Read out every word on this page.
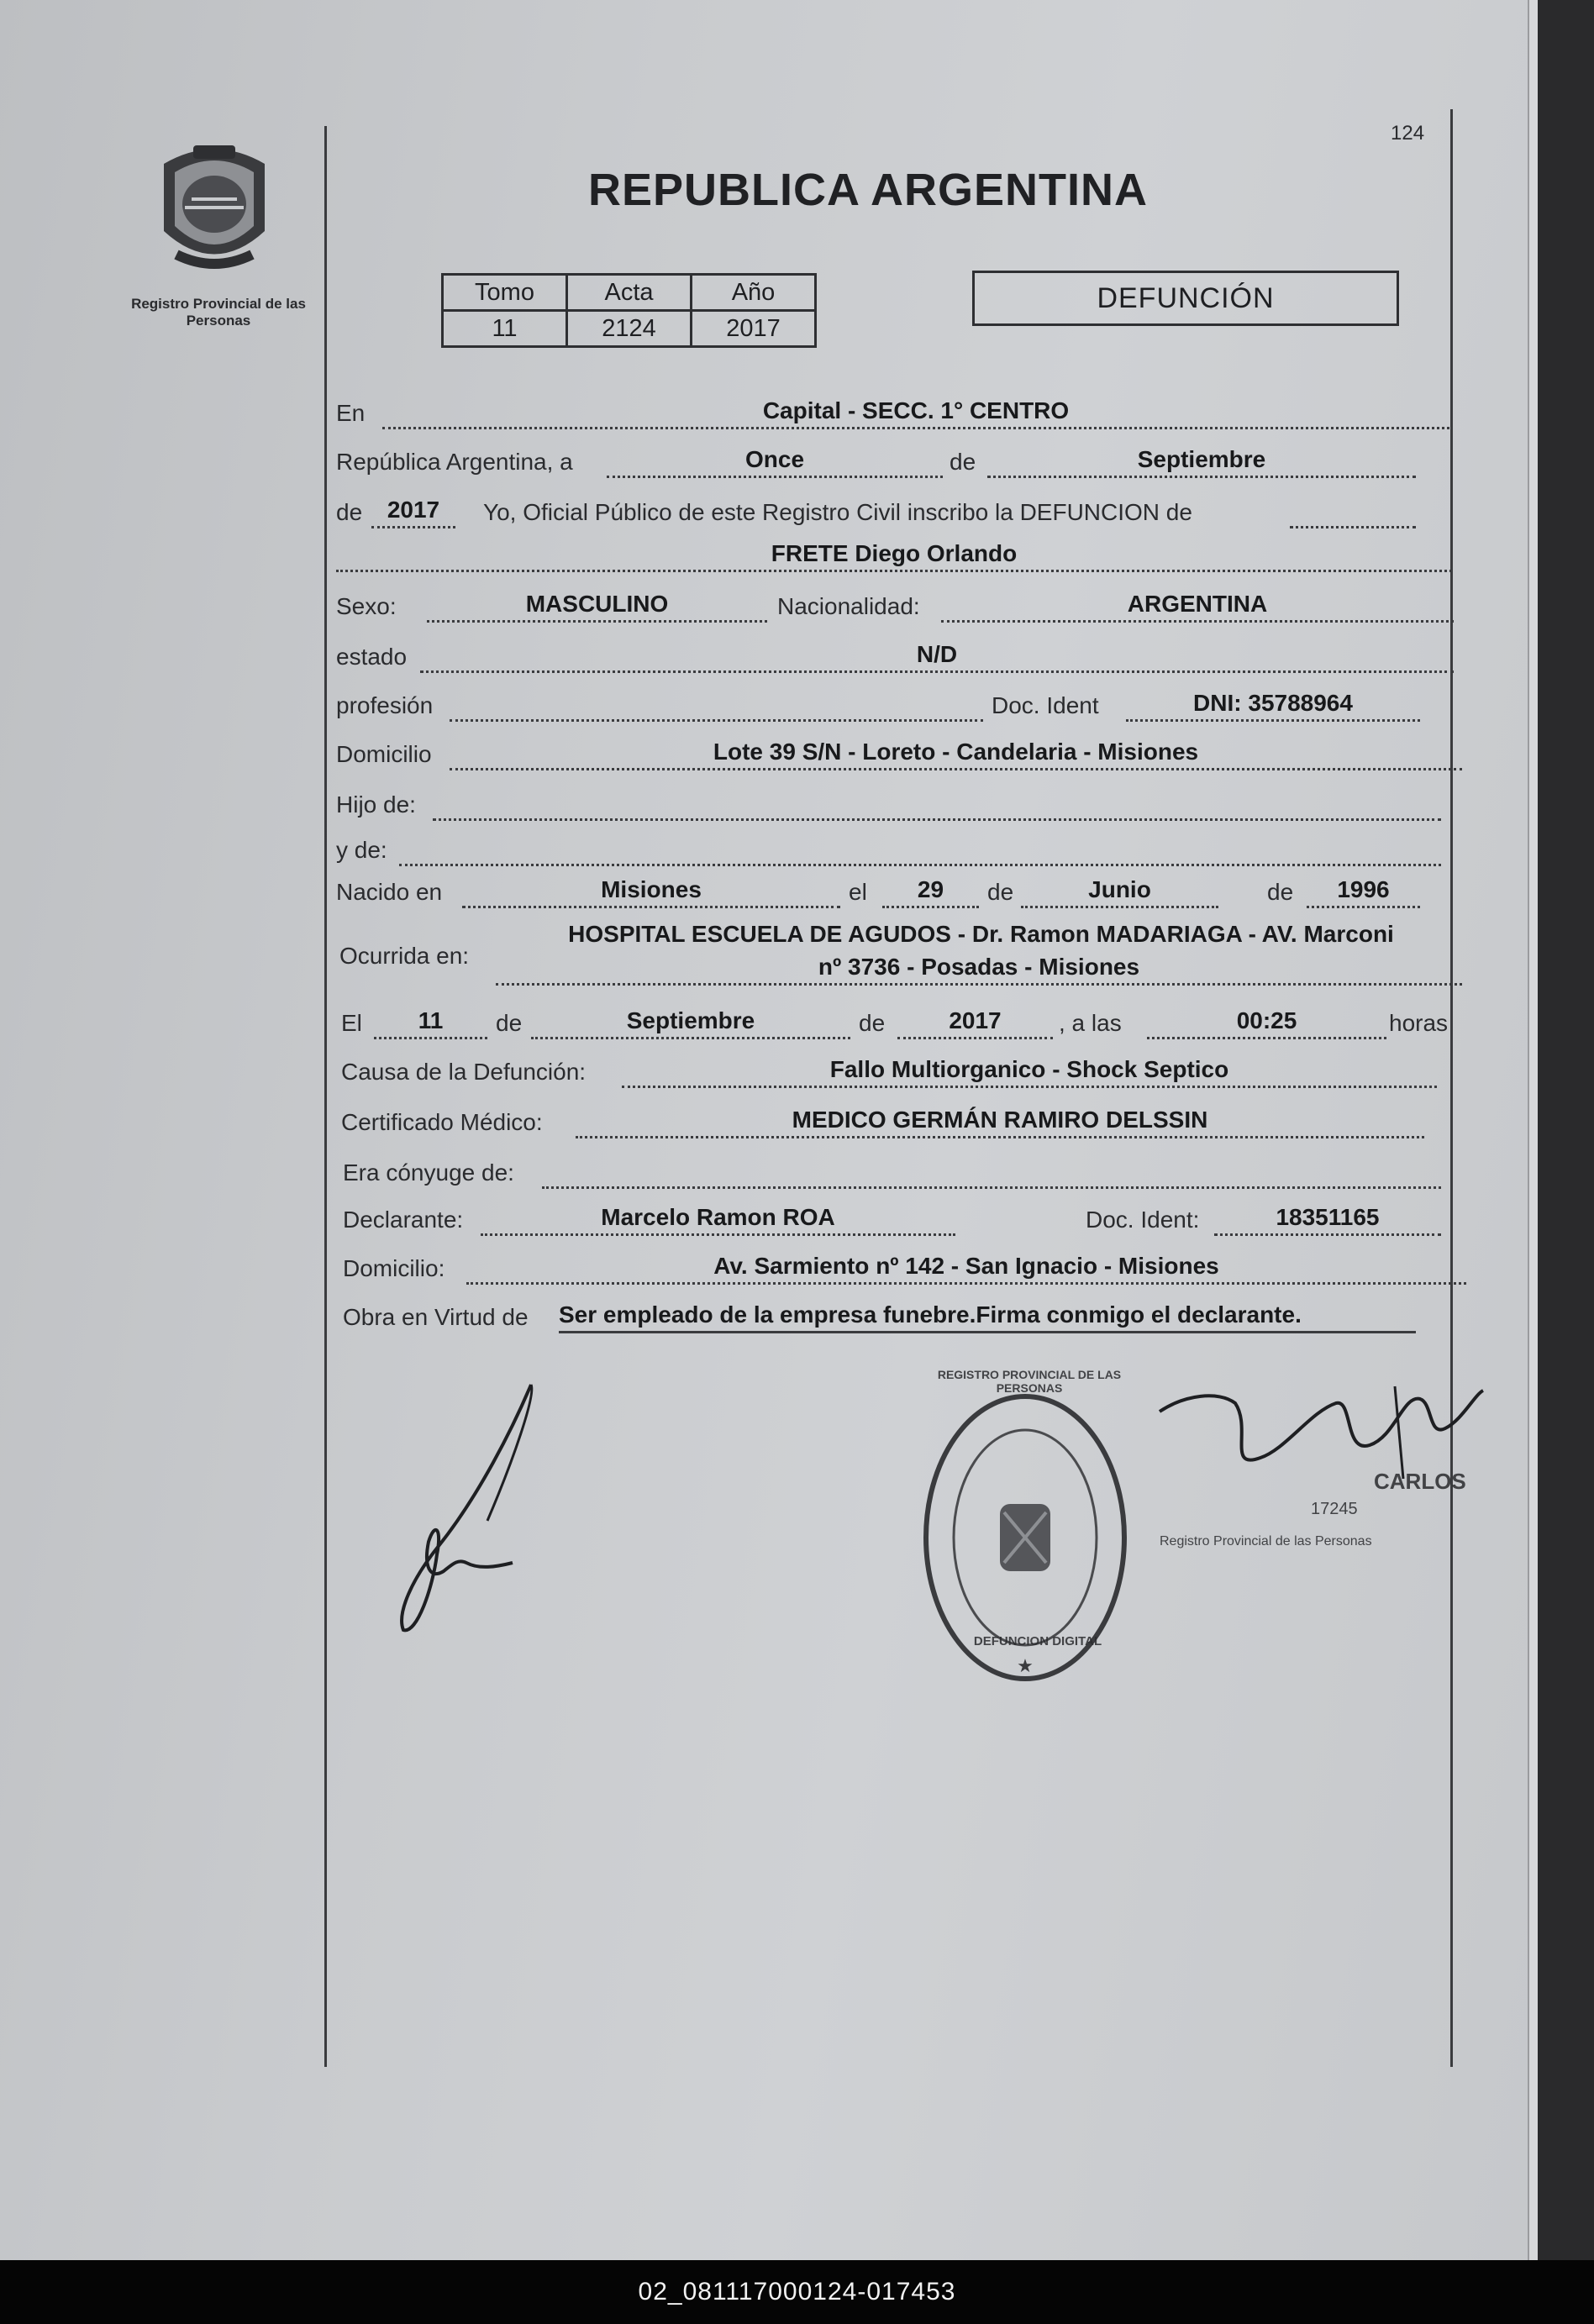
Registro Provincial de las Personas
124
REPUBLICA ARGENTINA
Tomo	Acta	Año
11	2124	2017
DEFUNCIÓN
En	Capital - SECC. 1° CENTRO
República Argentina, a	Once	de	Septiembre
de	2017	Yo, Oficial Público de este Registro Civil inscribo la DEFUNCION de
FRETE Diego Orlando
Sexo:	MASCULINO	Nacionalidad:	ARGENTINA
estado	N/D
profesión	Doc. Ident	DNI: 35788964
Domicilio	Lote 39 S/N - Loreto - Candelaria - Misiones
Hijo de:
y de:
Nacido en	Misiones	el	29	de	Junio	de	1996
Ocurrida en:
HOSPITAL ESCUELA DE AGUDOS - Dr. Ramon MADARIAGA - AV. Marconi
nº 3736 - Posadas - Misiones
El	11	de	Septiembre	de	2017	, a las	00:25	horas
Causa de la Defunción:	Fallo Multiorganico - Shock Septico
Certificado Médico:	MEDICO GERMÁN RAMIRO DELSSIN
Era cónyuge de:
Declarante:	Marcelo Ramon ROA	Doc. Ident:	18351165
Domicilio:	Av. Sarmiento nº 142 - San Ignacio - Misiones
Obra en Virtud de Ser empleado de la empresa funebre.Firma conmigo el declarante.
★
REGISTRO PROVINCIAL DE LAS PERSONAS
DEFUNCION DIGITAL
CARLOS
17245
Registro Provincial de las Personas
02_081117000124-017453
